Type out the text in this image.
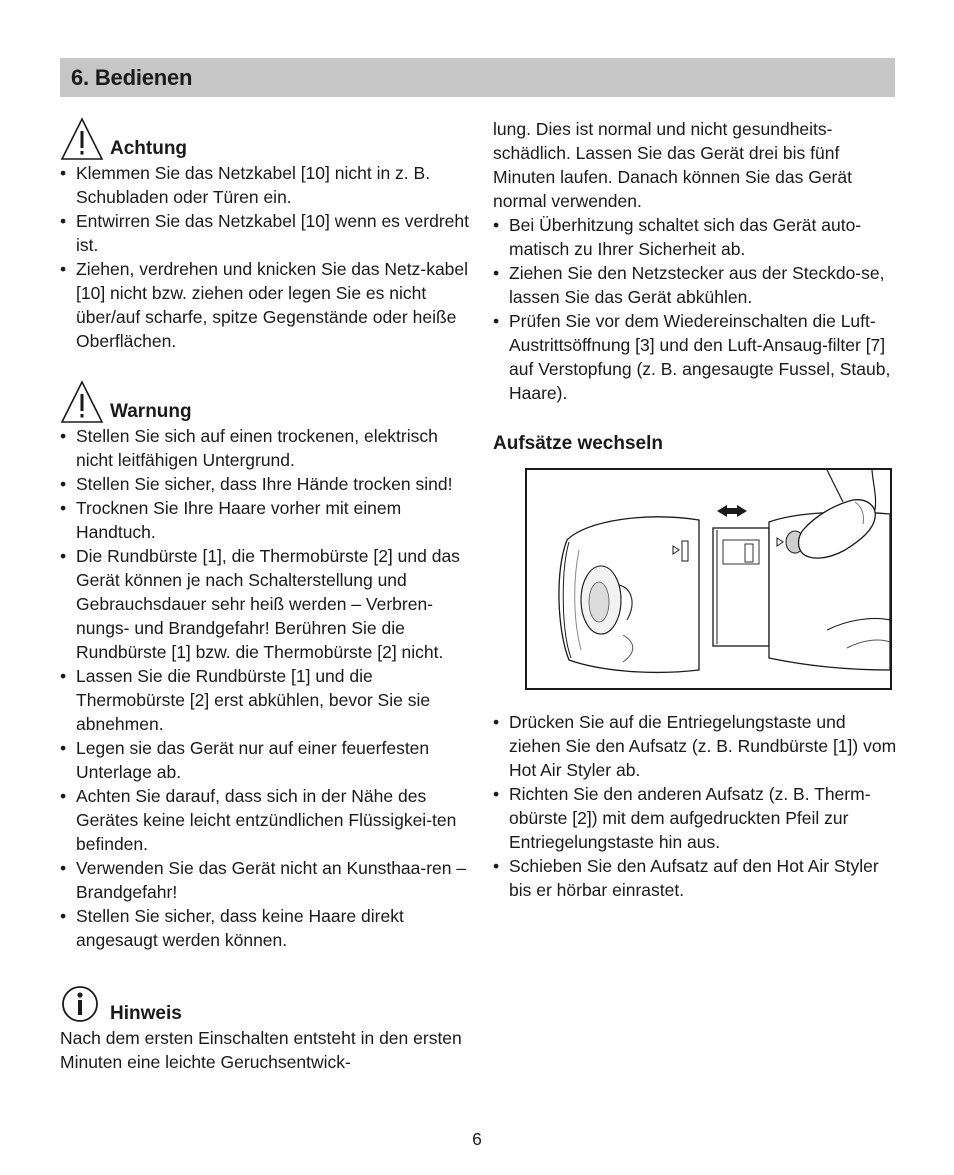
6. Bedienen
Achtung
• Klemmen Sie das Netzkabel [10] nicht in z. B. Schubladen oder Türen ein.
• Entwirren Sie das Netzkabel [10] wenn es verdreht ist.
• Ziehen, verdrehen und knicken Sie das Netz-kabel [10] nicht bzw. ziehen oder legen Sie es nicht über/auf scharfe, spitze Gegenstände oder heiße Oberflächen.
Warnung
• Stellen Sie sich auf einen trockenen, elektrisch nicht leitfähigen Untergrund.
• Stellen Sie sicher, dass Ihre Hände trocken sind!
• Trocknen Sie Ihre Haare vorher mit einem Handtuch.
• Die Rundbürste [1], die Thermobürste [2] und das Gerät können je nach Schalterstellung und Gebrauchsdauer sehr heiß werden – Verbren-nungs- und Brandgefahr! Berühren Sie die Rundbürste [1] bzw. die Thermobürste [2] nicht.
• Lassen Sie die Rundbürste [1] und die Thermobürste [2] erst abkühlen, bevor Sie sie abnehmen.
• Legen sie das Gerät nur auf einer feuerfesten Unterlage ab.
• Achten Sie darauf, dass sich in der Nähe des Gerätes keine leicht entzündlichen Flüssigkei-ten befinden.
• Verwenden Sie das Gerät nicht an Kunsthaa-ren – Brandgefahr!
• Stellen Sie sicher, dass keine Haare direkt angesaugt werden können.
Hinweis

Nach dem ersten Einschalten entsteht in den ersten Minuten eine leichte Geruchsentwick-

lung. Dies ist normal und nicht gesundheits-schädlich. Lassen Sie das Gerät drei bis fünf Minuten laufen. Danach können Sie das Gerät normal verwenden.

• Bei Überhitzung schaltet sich das Gerät auto-matisch zu Ihrer Sicherheit ab.
• Ziehen Sie den Netzstecker aus der Steckdo-se, lassen Sie das Gerät abkühlen.
• Prüfen Sie vor dem Wiedereinschalten die Luft-Austrittsöffnung [3] und den Luft-Ansaug-filter [7] auf Verstopfung (z. B. angesaugte Fussel, Staub, Haare).

Aufsätze wechseln

• Drücken Sie auf die Entriegelungstaste und ziehen Sie den Aufsatz (z. B. Rundbürste [1]) vom Hot Air Styler ab.
• Richten Sie den anderen Aufsatz (z. B. Therm-obürste [2]) mit dem aufgedruckten Pfeil zur Entriegelungstaste hin aus.
• Schieben Sie den Aufsatz auf den Hot Air Styler bis er hörbar einrastet.
6
